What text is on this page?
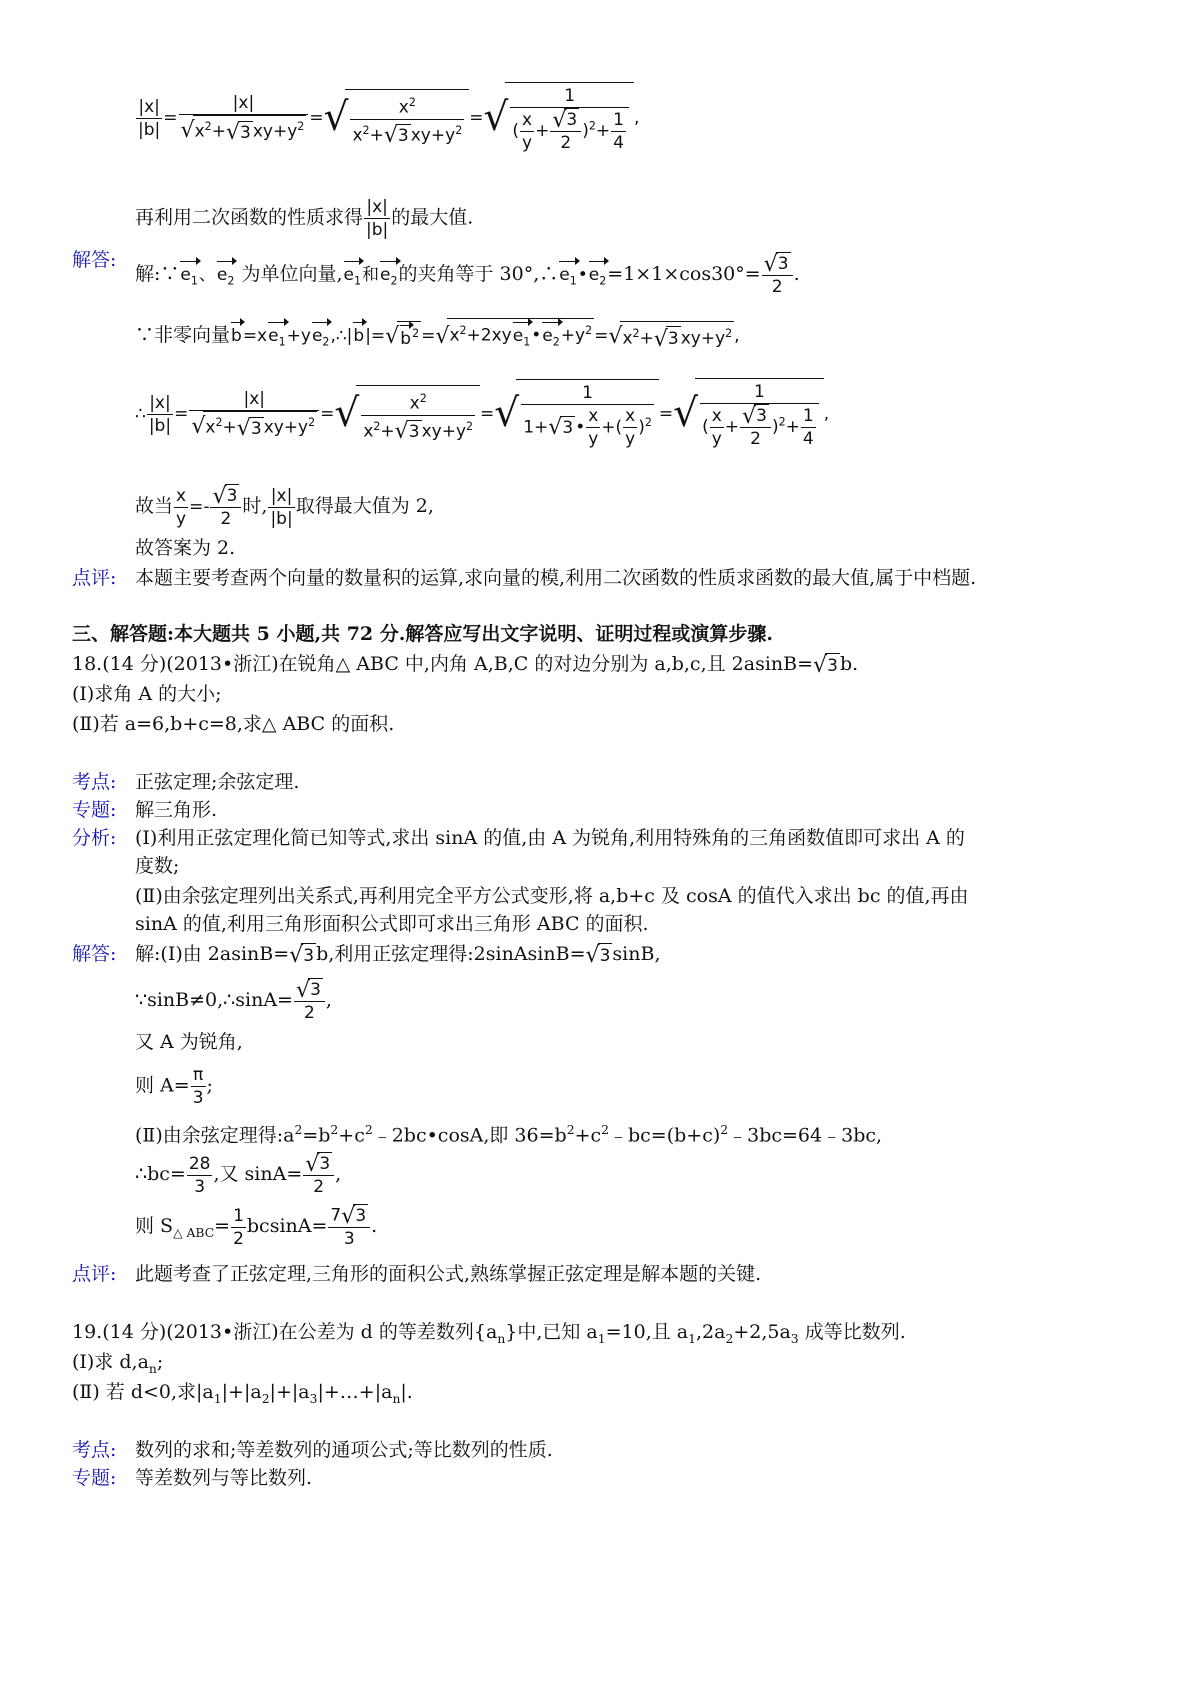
$\frac{|x|}{|b|} = \frac{|x|}{√x^2+√3 xy+y^2}$ =√ $\frac{x^2}{x^2+√3 xy+y^2}$ =√ $\frac{1}{( \frac{x}{y} + \frac{√3}{2} )^2+ \frac{1}{4}}$ ,
再利用二次函数的性质求得 $\frac{|x|}{|b|}$ 的最大值.
解答:
解$:\because e_1$、$e_2$ 为单位向量$,e_1$和$e_2$的夹角等于 $30^\circ,\therefore e_1•e_2=1\times 1\times\cos 30^\circ= \frac{√3}{2}$ .
∵非零向量$b=xe_1+ye_2,\therefore|b|=√b^2$ $=√x^2+2xye_1•e_2+y^2 =√x^2+√3$ $xy+y^2$ ,
∴ $\frac{|x|}{|b|} = \frac{|x|}{√x^2+√3 xy+y^2}$ =√ $\frac{x^2}{x^2+√3 xy+y^2}$ =√ $\frac{1}{1+√3 • \frac{x}{y} +( \frac{x}{y} )^2}$ =√ $\frac{1}{( \frac{x}{y} + \frac{√3}{2} )^2+ \frac{1}{4}}$ ,
故当 $\frac{x}{y} =- \frac{√3}{2}$ 时, $\frac{|x|}{|b|}$ 取得最大值为 2,
故答案为 2.
点评: 本题主要考查两个向量的数量积的运算,求向量的模,利用二次函数的性质求函数的最大值,属于中档题.
三、解答题:本大题共 5 小题,共 72 分.解答应写出文字说明、证明过程或演算步骤.
18.(14 分)(2013•浙江)在锐角△ ABC 中,内角 A,B,C 的对边分别为 a,b,c,且 2asinB=√3 b.
(Ⅰ)求角 A 的大小;
(Ⅱ)若 a=6,b+c=8,求△ ABC 的面积.
考点: 正弦定理;余弦定理.
专题: 解三角形.
分析: (Ⅰ)利用正弦定理化简已知等式,求出 sinA 的值,由 A 为锐角,利用特殊角的三角函数值即可求出 A 的
度数;
(Ⅱ)由余弦定理列出关系式,再利用完全平方公式变形,将 a,b+c 及 cosA 的值代入求出 bc 的值,再由
sinA 的值,利用三角形面积公式即可求出三角形 ABC 的面积.
解答: 解:(Ⅰ)由 2asinB=√3 b,利用正弦定理得:2sinAsinB=√3 sinB,
∵sinB≠0,∴sinA= $\frac{√3}{2}$ ,
又 A 为锐角,
则 $A= \frac{\pi}{3}$ ;
(Ⅱ)由余弦定理得$:a^2=b^2+c^2﹣2bc•\cos A$,即 $36=b^2+c^2﹣bc=(b+c)^2﹣3bc=64﹣3bc$,
∴bc= $\frac{28}{3}$ ,又 $\sin A= \frac{√3}{2}$ ,
则 $S_{\triangle ABC}= \frac{1}{2} bcsinA= \frac{7√3}{3}$ .
点评: 此题考查了正弦定理,三角形的面积公式,熟练掌握正弦定理是解本题的关键.
19.(14 分)(2013•浙江)在公差为 d 的等差数列$\{a_n\}$中,已知 $a_1=10$,且 $a_1,2a_2+2,5a_3$ 成等比数列.
(Ⅰ)求 $d,a_n$;
(Ⅱ) 若 d<0,求$|a_1|+|a_2|+|a_3|+\dots+|a_n|$.
考点: 数列的求和;等差数列的通项公式;等比数列的性质.
专题: 等差数列与等比数列.
